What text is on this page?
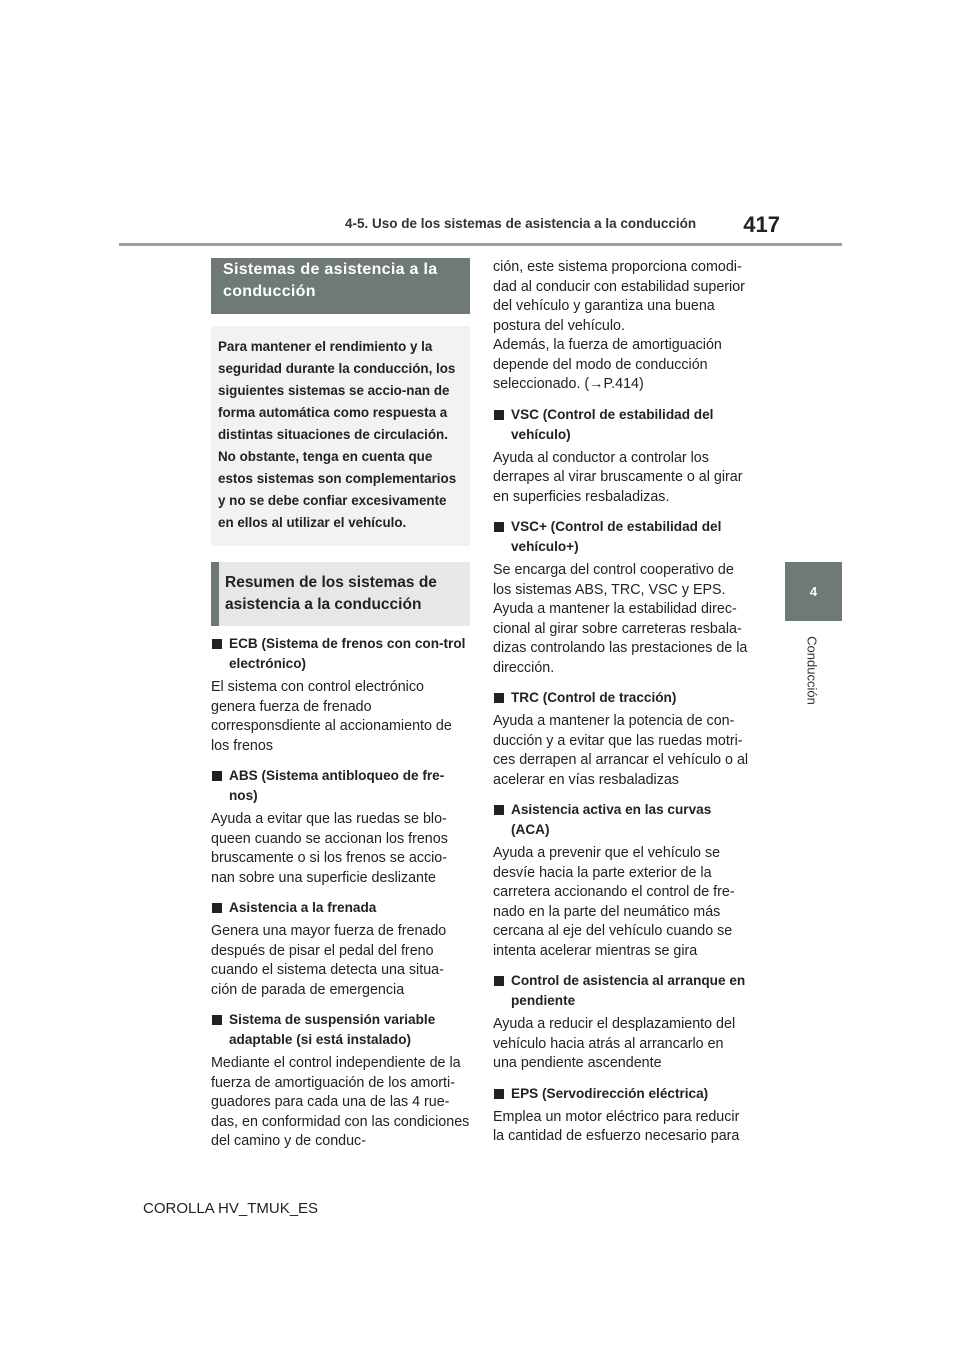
4-5. Uso de los sistemas de asistencia a la conducción	417
4
Conducción
Sistemas de asistencia a la conducción
Para mantener el rendimiento y la seguridad durante la conducción, los siguientes sistemas se accio-nan de forma automática como respuesta a distintas situaciones de circulación. No obstante, tenga en cuenta que estos sistemas son complementarios y no se debe confiar excesivamente en ellos al utilizar el vehículo.
Resumen de los sistemas de asistencia a la conducción
ECB (Sistema de frenos con con-trol electrónico)
El sistema con control electrónico genera fuerza de frenado corresponsdiente al accionamiento de los frenos
ABS (Sistema antibloqueo de fre-nos)
Ayuda a evitar que las ruedas se blo-queen cuando se accionan los frenos bruscamente o si los frenos se accio-nan sobre una superficie deslizante
Asistencia a la frenada
Genera una mayor fuerza de frenado después de pisar el pedal del freno cuando el sistema detecta una situa-ción de parada de emergencia
Sistema de suspensión variable adaptable (si está instalado)
Mediante el control independiente de la fuerza de amortiguación de los amorti-guadores para cada una de las 4 rue-das, en conformidad con las condiciones del camino y de conduc-
ción, este sistema proporciona comodi-dad al conducir con estabilidad superior del vehículo y garantiza una buena postura del vehículo.
Además, la fuerza de amortiguación depende del modo de conducción seleccionado. (→P.414)
VSC (Control de estabilidad del vehículo)
Ayuda al conductor a controlar los derrapes al virar bruscamente o al girar en superficies resbaladizas.
VSC+ (Control de estabilidad del vehículo+)
Se encarga del control cooperativo de los sistemas ABS, TRC, VSC y EPS. Ayuda a mantener la estabilidad direc-cional al girar sobre carreteras resbala-dizas controlando las prestaciones de la dirección.
TRC (Control de tracción)
Ayuda a mantener la potencia de con-ducción y a evitar que las ruedas motri-ces derrapen al arrancar el vehículo o al acelerar en vías resbaladizas
Asistencia activa en las curvas (ACA)
Ayuda a prevenir que el vehículo se desvíe hacia la parte exterior de la carretera accionando el control de fre-nado en la parte del neumático más cercana al eje del vehículo cuando se intenta acelerar mientras se gira
Control de asistencia al arranque en pendiente
Ayuda a reducir el desplazamiento del vehículo hacia atrás al arrancarlo en una pendiente ascendente
EPS (Servodirección eléctrica)
Emplea un motor eléctrico para reducir la cantidad de esfuerzo necesario para
COROLLA HV_TMUK_ES
